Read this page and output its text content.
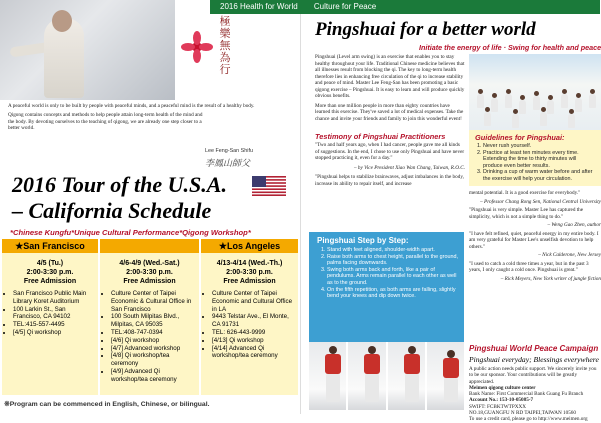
極
樂
無
為
行

A peaceful world is only to be built by people with peaceful minds, and a peaceful mind is the result of a healthy body.

Qigong contains concepts and methods to help people attain long-term health of the mind and the body. By devoting ourselves to the teaching of qigong, we are already one step closer to a better world.

Lee Feng-San Shifu
李鳳山師父
2016 Tour of the U.S.A. – California Schedule
*Chinese Kungfu*Unique Cultural Performance*Qigong Workshop*
★San Francisco
4/5 (Tu.)
2:00-3:30 p.m.
Free Admission
• San Francisco Public Main Library Koret Auditorium
• 100 Larkin St., San Francisco, CA 94102
• TEL:415-557-4495
• [4/5] Qi workshop
4/6-4/9 (Wed.-Sat.)
2:00-3:30 p.m.
Free Admission
• Culture Center of Taipei Economic & Cultural Office in San Francisco
• 100 South Milpitas Blvd., Milpitas, CA 95035
• TEL:408-747-0394
• [4/6] Qi workshop
• [4/7] Advanced workshop
• [4/8] Qi workshop/tea ceremony
• [4/9] Advanced Qi workshop/tea ceremony
★Los Angeles
4/13-4/14 (Wed.-Th.)
2:00-3:30 p.m.
Free Admission
• Culture Center of Taipei Economic and Cultural Office in LA
• 9443 Telstar Ave., El Monte, CA 91731
• TEL: 626-443-9999
• [4/13] Qi workshop
• [4/14] Advanced Qi workshop/tea ceremony
※Program can be commenced in English, Chinese, or bilingual.
Pingshuai for a better world
Initiate the energy of life · Swing for health and peace

Pingshuai (Level arm swing) is an exercise that enables you to stay healthy throughout your life. Traditional Chinese medicine believes that all illnesses result from blocking the qi. The key to long-term health therefore lies in enhancing free circulation of the qi to increase stability and peace of mind. Master Lee Feng-San has been promoting a basic qigong exercise – Pingshuai. It is easy to learn and will produce quickly obvious benefits.

More than one million people in more than eighty countries have learned this exercise. They've saved a lot of medical expenses. Take the chance and invite your friends and family to join this wonderful event!

Guidelines for Pingshuai:
1. Never rush yourself.
2. Practice at least ten minutes every time. Extending the time to thirty minutes will produce even better results.
3. Drinking a cup of warm water before and after the exercise will help your circulation.
Testimony of Pingshuai Practitioners

"Two and half years ago, when I had cancer, people gave me all kinds of suggestions. In the end, I chose to use only Pingshuai and have never stopped practicing it, even for a day."

– by Vice President Xiao Wan Chang, Taiwan, R.O.C.

"Pingshuai helps to stabilize brainwaves, adjust imbalances in the body, increase its ability to repair itself, and increase

mental potential. It is a good exercise for everybody."

– Professor Chang Rong Sen, National Central University

"Pingshuai is very simple. Master Lee has captured the simplicity, which is not a simple thing to do."

– Weng Gao Zhen, author

"I have felt refined, quiet, peaceful energy in my entire body. I am very grateful for Master Lee's unselfish devotion to help others."

– Nick Calderone, New Jersey

"I used to catch a cold three times a year, but in the past 3 years, I only caught a cold once. Pingshuai is great."

– Rick Meyers, New York writer of jungle fiction

Pingshuai Step by Step:
1. Stand with feet aligned, shoulder-width apart.
2. Raise both arms to chest height, parallel to the ground, palms facing downwards.
3. Swing both arms back and forth, like a pair of pendulums. Arms remain parallel to each other as well as to the ground.
4. On the fifth repetition, as both arms are falling, slightly bend your knees and dip down twice.
Pingshuai World Peace Campaign
Pingshuai everyday; Blessings everywhere

A public action needs public support. We sincerely invite you to be our sponsor. Your contributions will be greatly appreciated.

Meimen qigong culture center

Bank Name: First Commercial Bank Guang Fu Branch

Account No.: 153-10-05085-7

SWIFT: FCBKTWTPXXX

NO.18,GUANGFU N RD TAIPEI,TAIWAN 10560

To use a credit card, please go to http://www.meimen.org

2016 Health for World Culture for Peace
